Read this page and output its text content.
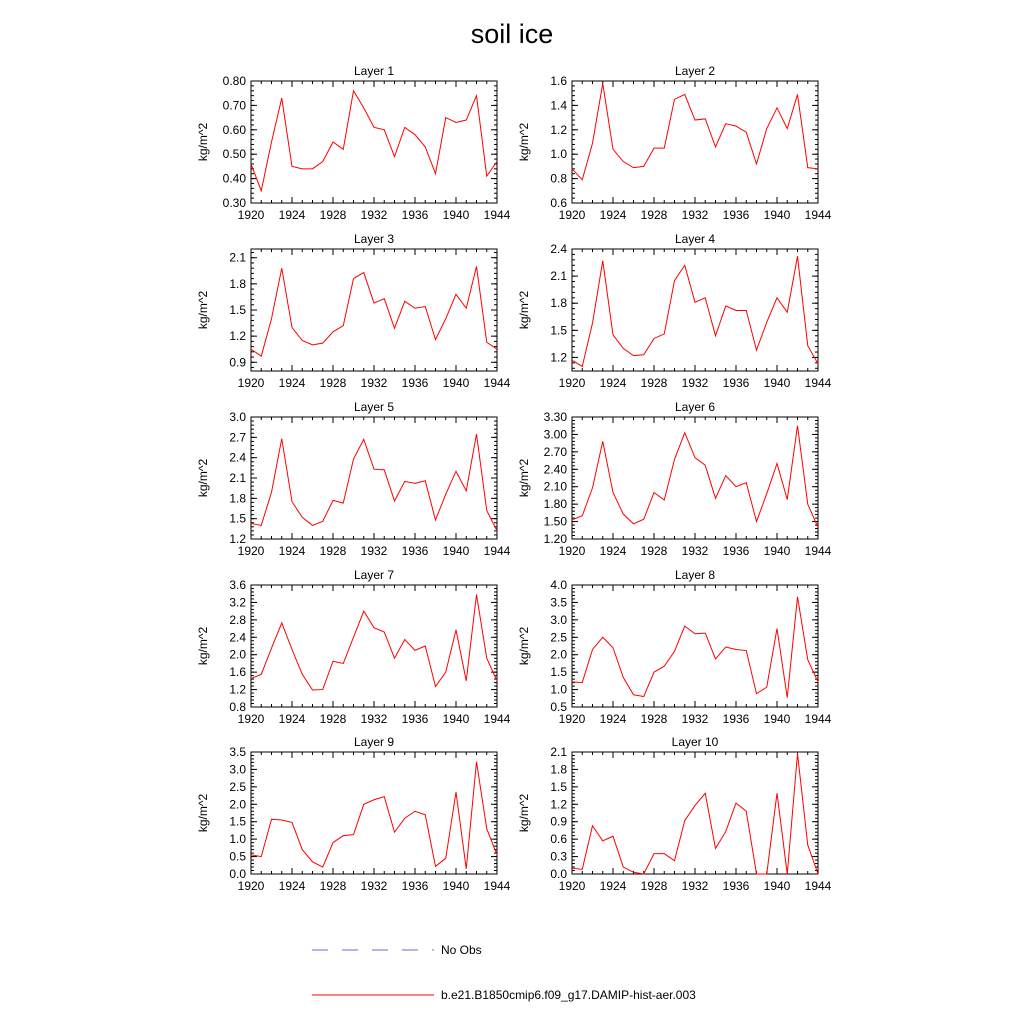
soil ice
Layer 1
kg/m^2
1920 1924 1928 1932 1936 1940 1944
0.30
0.40
0.50
0.60
0.70
0.80
Layer 2
kg/m^2
1920 1924 1928 1932 1936 1940 1944
0.6
0.8
1.0
1.2
1.4
1.6
Layer 3
kg/m^2
1920 1924 1928 1932 1936 1940 1944
0.9
1.2
1.5
1.8
2.1
Layer 4
kg/m^2
1920 1924 1928 1932 1936 1940 1944
1.2
1.5
1.8
2.1
2.4
Layer 5
kg/m^2
1920 1924 1928 1932 1936 1940 1944
1.2
1.5
1.8
2.1
2.4
2.7
3.0
Layer 6
kg/m^2
1920 1924 1928 1932 1936 1940 1944
1.20
1.50
1.80
2.10
2.40
2.70
3.00
3.30
Layer 7
kg/m^2
1920 1924 1928 1932 1936 1940 1944
0.8
1.2
1.6
2.0
2.4
2.8
3.2
3.6
Layer 8
kg/m^2
1920 1924 1928 1932 1936 1940 1944
0.5
1.0
1.5
2.0
2.5
3.0
3.5
4.0
Layer 9
kg/m^2
1920 1924 1928 1932 1936 1940 1944
0.0
0.5
1.0
1.5
2.0
2.5
3.0
3.5
Layer 10
kg/m^2
1920 1924 1928 1932 1936 1940 1944
0.0
0.3
0.6
0.9
1.2
1.5
1.8
2.1
No Obs
b.e21.B1850cmip6.f09_g17.DAMIP-hist-aer.003
